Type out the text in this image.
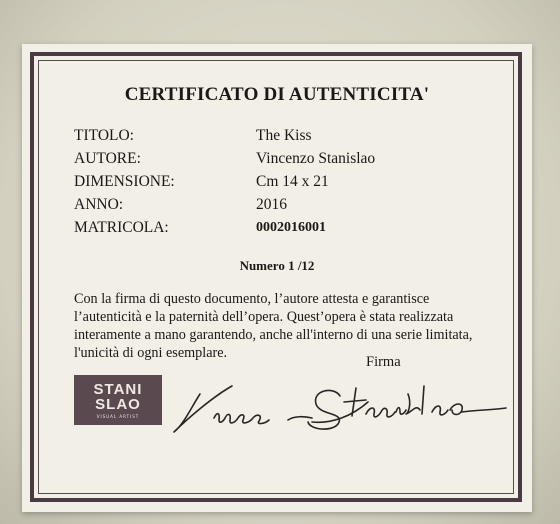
CERTIFICATO DI AUTENTICITA'
TITOLO:	The Kiss
AUTORE:	Vincenzo Stanislao
DIMENSIONE:	Cm 14 x 21
ANNO:	2016
MATRICOLA:	0002016001
Numero 1 /12
Con la firma di questo documento, l’autore attesta e garantisce l’autenticità e la paternità dell’opera. Quest’opera è stata realizzata interamente a mano garantendo, anche all'interno di una serie limitata, l'unicità di ogni esemplare.
Firma
STANI
SLAO
VISUAL ARTIST
